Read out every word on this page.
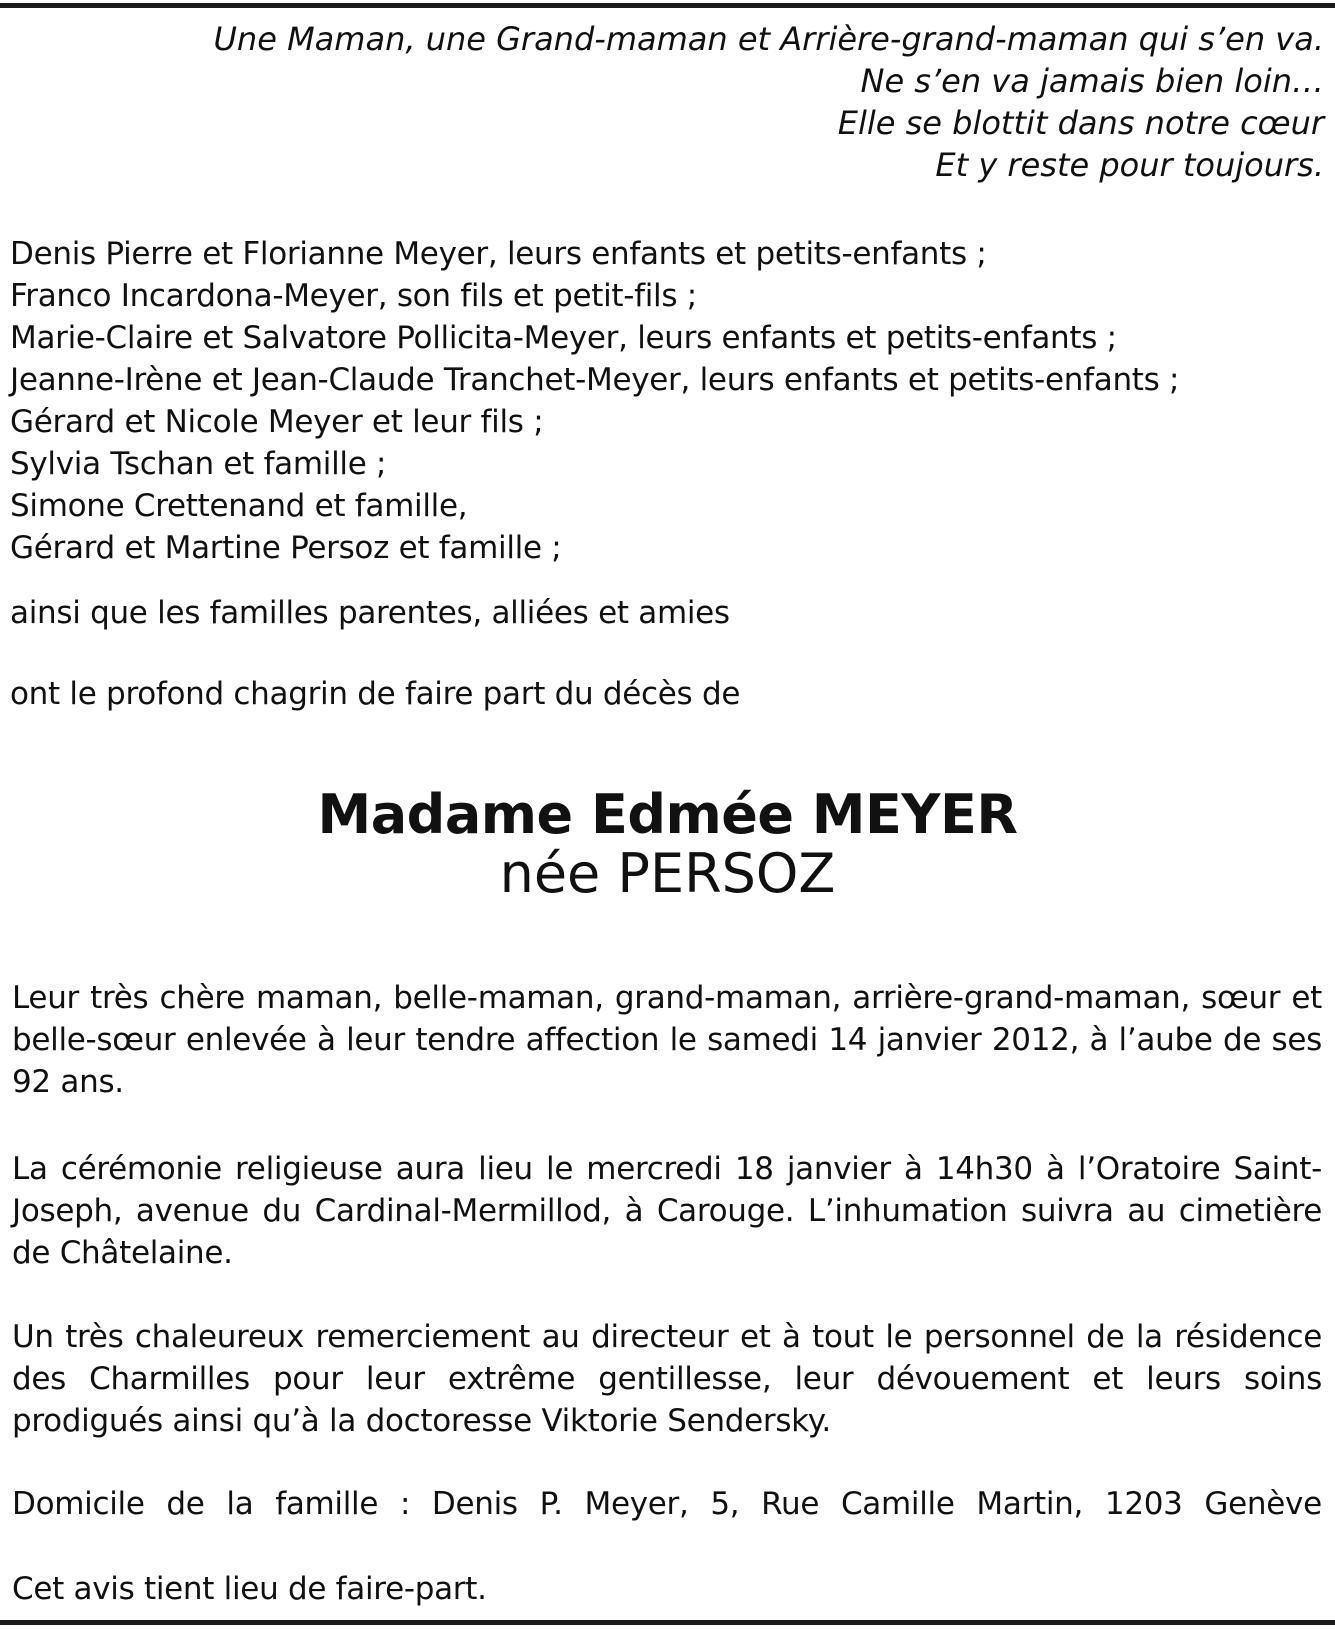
Une Maman, une Grand-maman et Arrière-grand-maman qui s’en va.
Ne s’en va jamais bien loin…
Elle se blottit dans notre cœur
Et y reste pour toujours.
Denis Pierre et Florianne Meyer, leurs enfants et petits-enfants ;
Franco Incardona-Meyer, son fils et petit-fils ;
Marie-Claire et Salvatore Pollicita-Meyer, leurs enfants et petits-enfants ;
Jeanne-Irène et Jean-Claude Tranchet-Meyer, leurs enfants et petits-enfants ;
Gérard et Nicole Meyer et leur fils ;
Sylvia Tschan et famille ;
Simone Crettenand et famille,
Gérard et Martine Persoz et famille ;
ainsi que les familles parentes, alliées et amies
ont le profond chagrin de faire part du décès de
Madame Edmée MEYER
née PERSOZ
Leur très chère maman, belle-maman, grand-maman, arrière-grand-maman, sœur et belle-sœur enlevée à leur tendre affection le samedi 14 janvier 2012, à l’aube de ses 92 ans.
La cérémonie religieuse aura lieu le mercredi 18 janvier à 14h30 à l’Oratoire Saint-Joseph, avenue du Cardinal-Mermillod, à Carouge. L’inhumation suivra au cimetière de Châtelaine.
Un très chaleureux remerciement au directeur et à tout le personnel de la résidence des Charmilles pour leur extrême gentillesse, leur dévouement et leurs soins prodigués ainsi qu’à la doctoresse Viktorie Sendersky.
Domicile de la famille : Denis P. Meyer, 5, Rue Camille Martin, 1203 Genève
Cet avis tient lieu de faire-part.
